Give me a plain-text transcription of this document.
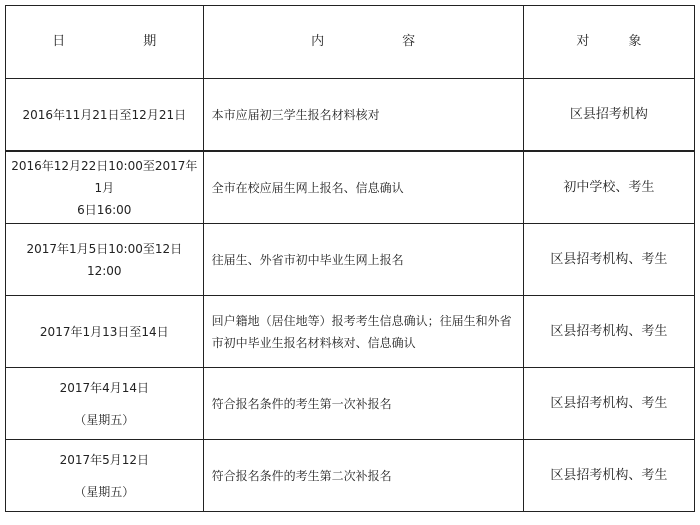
日　　　　　　期	内　　　　　　容	对　　　象

2016年11月21日至12月21日	本市应届初三学生报名材料核对	区县招考机构

2016年12月22日10:00至2017年1月
6日16:00	全市在校应届生网上报名、信息确认	初中学校、考生

2017年1月5日10:00至12日12:00	往届生、外省市初中毕业生网上报名	区县招考机构、考生

2017年1月13日至14日	回户籍地（居住地等）报考考生信息确认；往届生和外省
市初中毕业生报名材料核对、信息确认	区县招考机构、考生

2017年4月14日
（星期五）	符合报名条件的考生第一次补报名	区县招考机构、考生

2017年5月12日
（星期五）	符合报名条件的考生第二次补报名	区县招考机构、考生
